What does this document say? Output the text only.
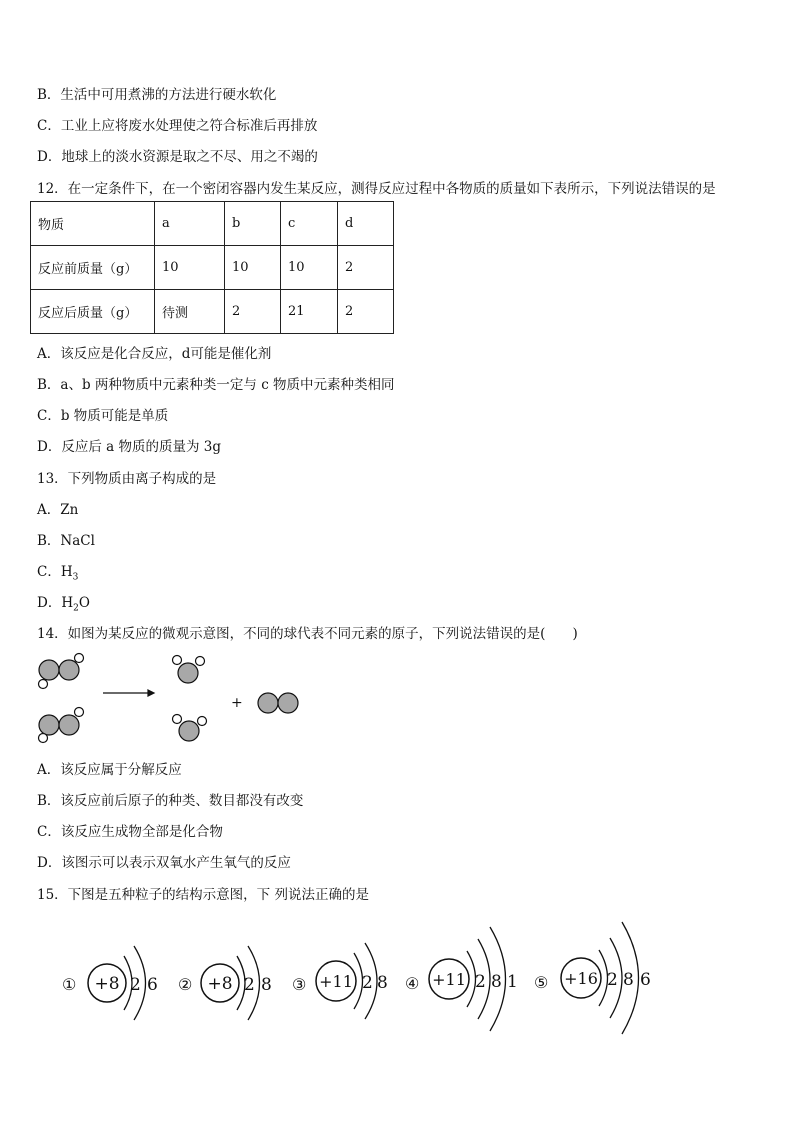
B．生活中可用煮沸的方法进行硬水软化
C．工业上应将废水处理使之符合标准后再排放
D．地球上的淡水资源是取之不尽、用之不竭的
12．在一定条件下，在一个密闭容器内发生某反应，测得反应过程中各物质的质量如下表所示，下列说法错误的是
物质	a	b	c	d
反应前质量（g）	10	10	10	2
反应后质量（g）	待测	2	21	2
A．该反应是化合反应，d可能是催化剂
B．a、b 两种物质中元素种类一定与 c 物质中元素种类相同
C．b 物质可能是单质
D．反应后 a 物质的质量为 3g
13．下列物质由离子构成的是
A．Zn
B．NaCl
C．$H_3$
D．$H_2O$
14．如图为某反应的微观示意图，不同的球代表不同元素的原子，下列说法错误的是(　　)
+
A．该反应属于分解反应
B．该反应前后原子的种类、数目都没有改变
C．该反应生成物全部是化合物
D．该图示可以表示双氧水产生氧气的反应
15．下图是五种粒子的结构示意图，下 列说法正确的是
① +8 2 6 ② +8 2 8 ③ +11 2 8 ④ +11 2 8 1 ⑤ +16 2 8 6
